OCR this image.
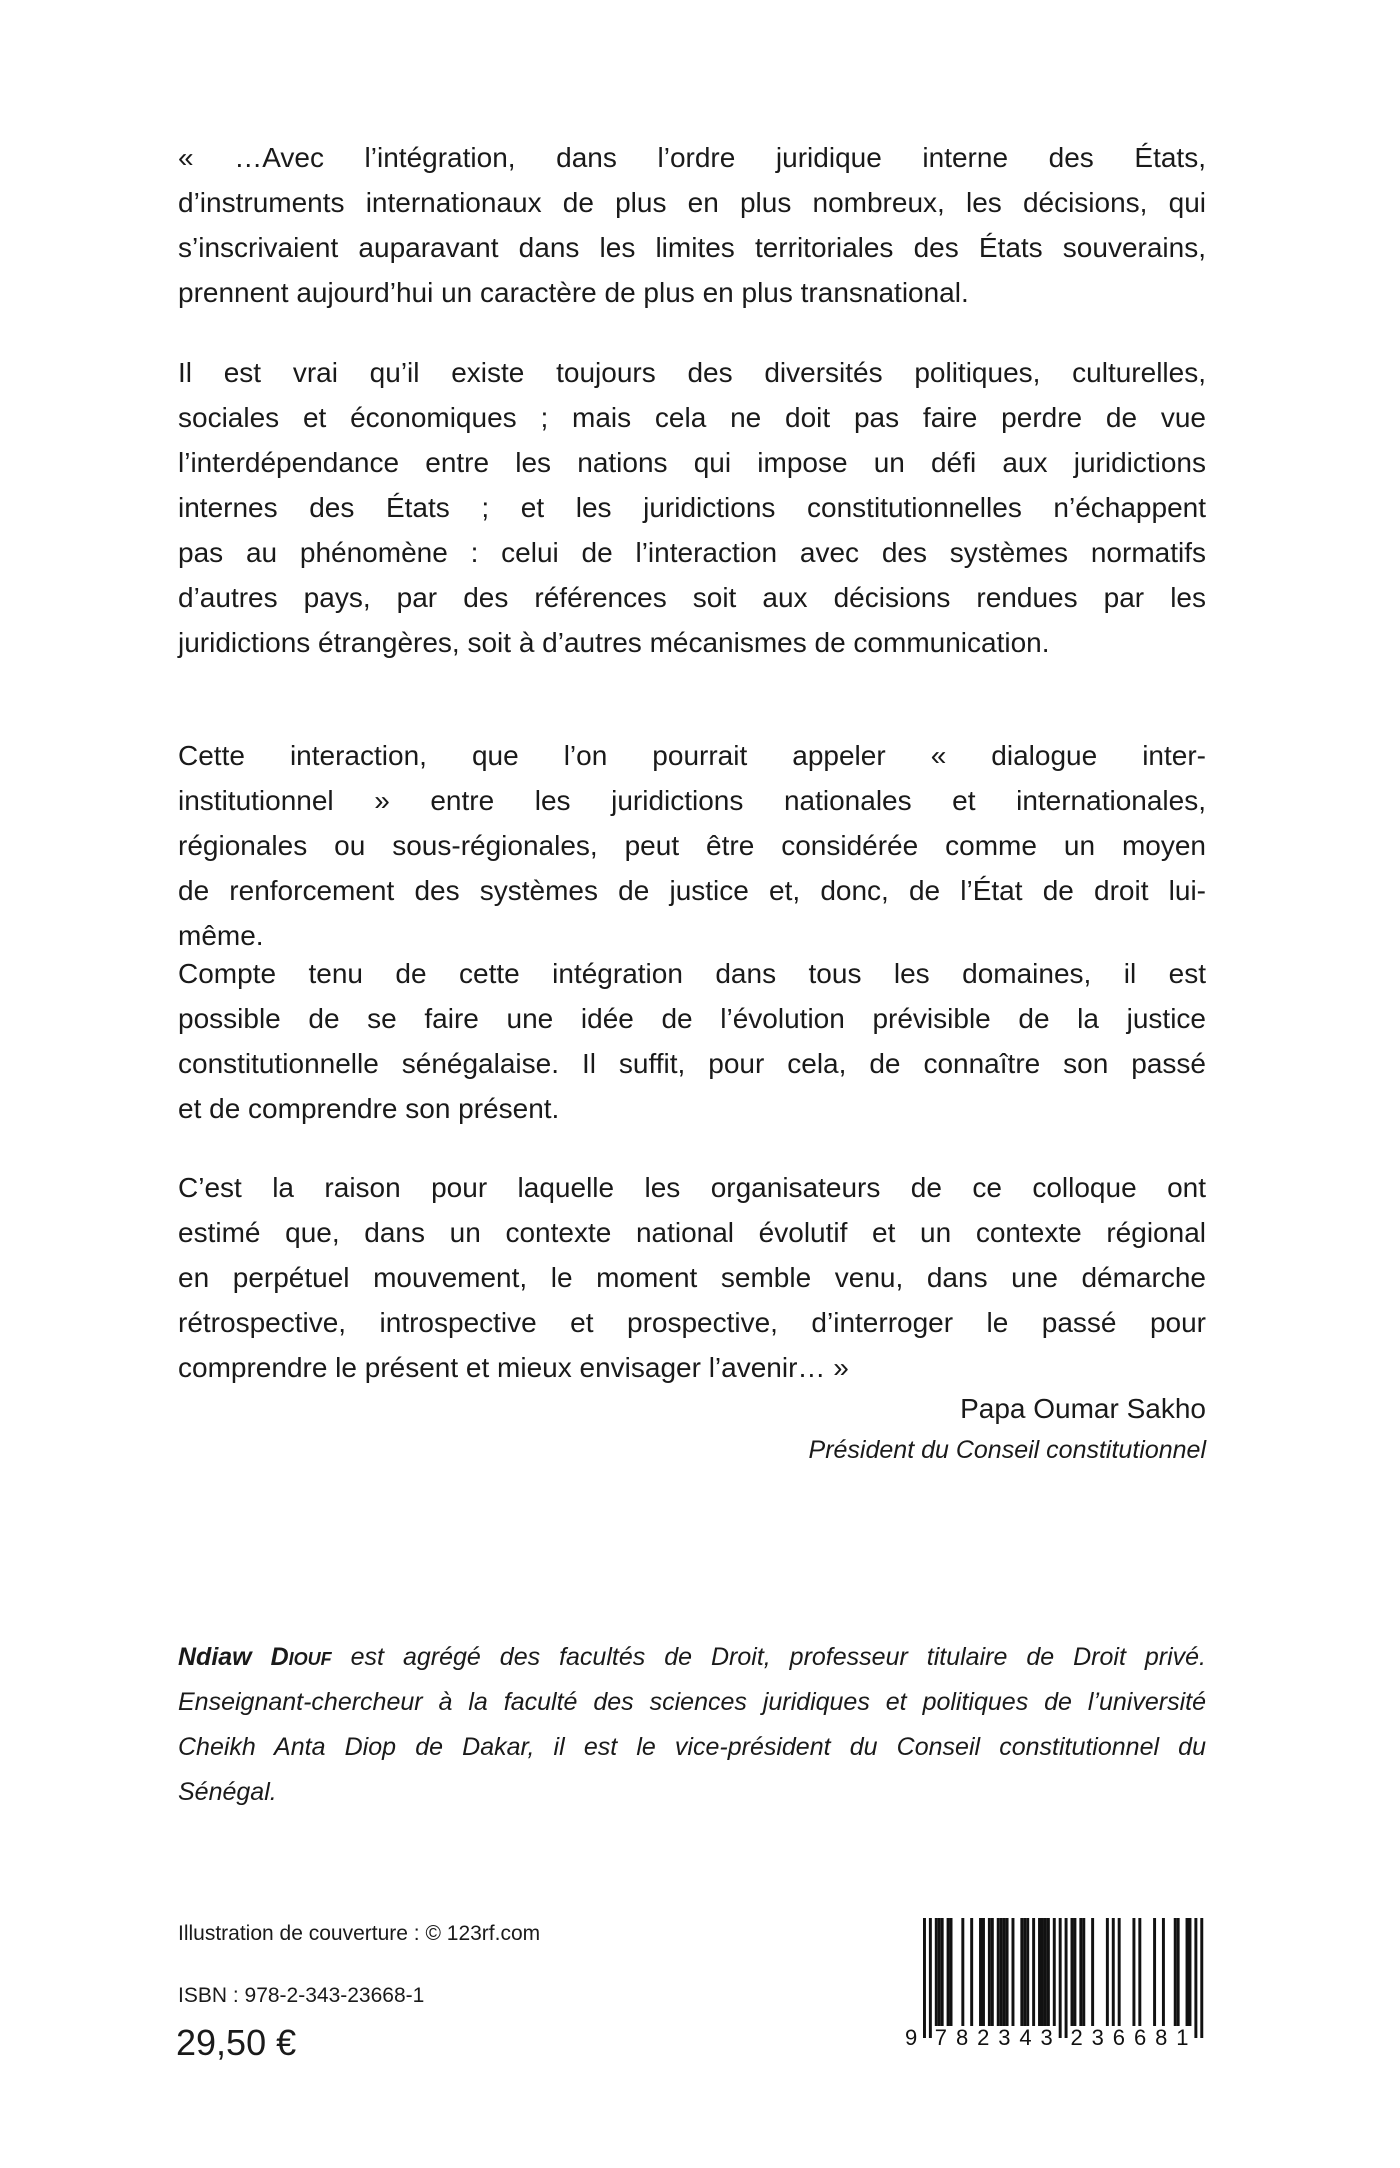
« …Avec l’intégration, dans l’ordre juridique interne des États,
d’instruments internationaux de plus en plus nombreux, les décisions, qui
s’inscrivaient auparavant dans les limites territoriales des États souverains,
prennent aujourd’hui un caractère de plus en plus transnational.
Il est vrai qu’il existe toujours des diversités politiques, culturelles,
sociales et économiques ; mais cela ne doit pas faire perdre de vue
l’interdépendance entre les nations qui impose un défi aux juridictions
internes des États ; et les juridictions constitutionnelles n’échappent
pas au phénomène : celui de l’interaction avec des systèmes normatifs
d’autres pays, par des références soit aux décisions rendues par les
juridictions étrangères, soit à d’autres mécanismes de communication.
Cette interaction, que l’on pourrait appeler « dialogue inter-
institutionnel » entre les juridictions nationales et internationales,
régionales ou sous-régionales, peut être considérée comme un moyen
de renforcement des systèmes de justice et, donc, de l’État de droit lui-
même.
Compte tenu de cette intégration dans tous les domaines, il est
possible de se faire une idée de l’évolution prévisible de la justice
constitutionnelle sénégalaise. Il suffit, pour cela, de connaître son passé
et de comprendre son présent.
C’est la raison pour laquelle les organisateurs de ce colloque ont
estimé que, dans un contexte national évolutif et un contexte régional
en perpétuel mouvement, le moment semble venu, dans une démarche
rétrospective, introspective et prospective, d’interroger le passé pour
comprendre le présent et mieux envisager l’avenir… »
Papa Oumar Sakho
Président du Conseil constitutionnel
Ndiaw Diouf est agrégé des facultés de Droit, professeur titulaire de Droit privé.
Enseignant-chercheur à la faculté des sciences juridiques et politiques de l’université
Cheikh Anta Diop de Dakar, il est le vice-président du Conseil constitutionnel du
Sénégal.
Illustration de couverture : © 123rf.com
ISBN : 978-2-343-23668-1
29,50 €	9 782343 236681
